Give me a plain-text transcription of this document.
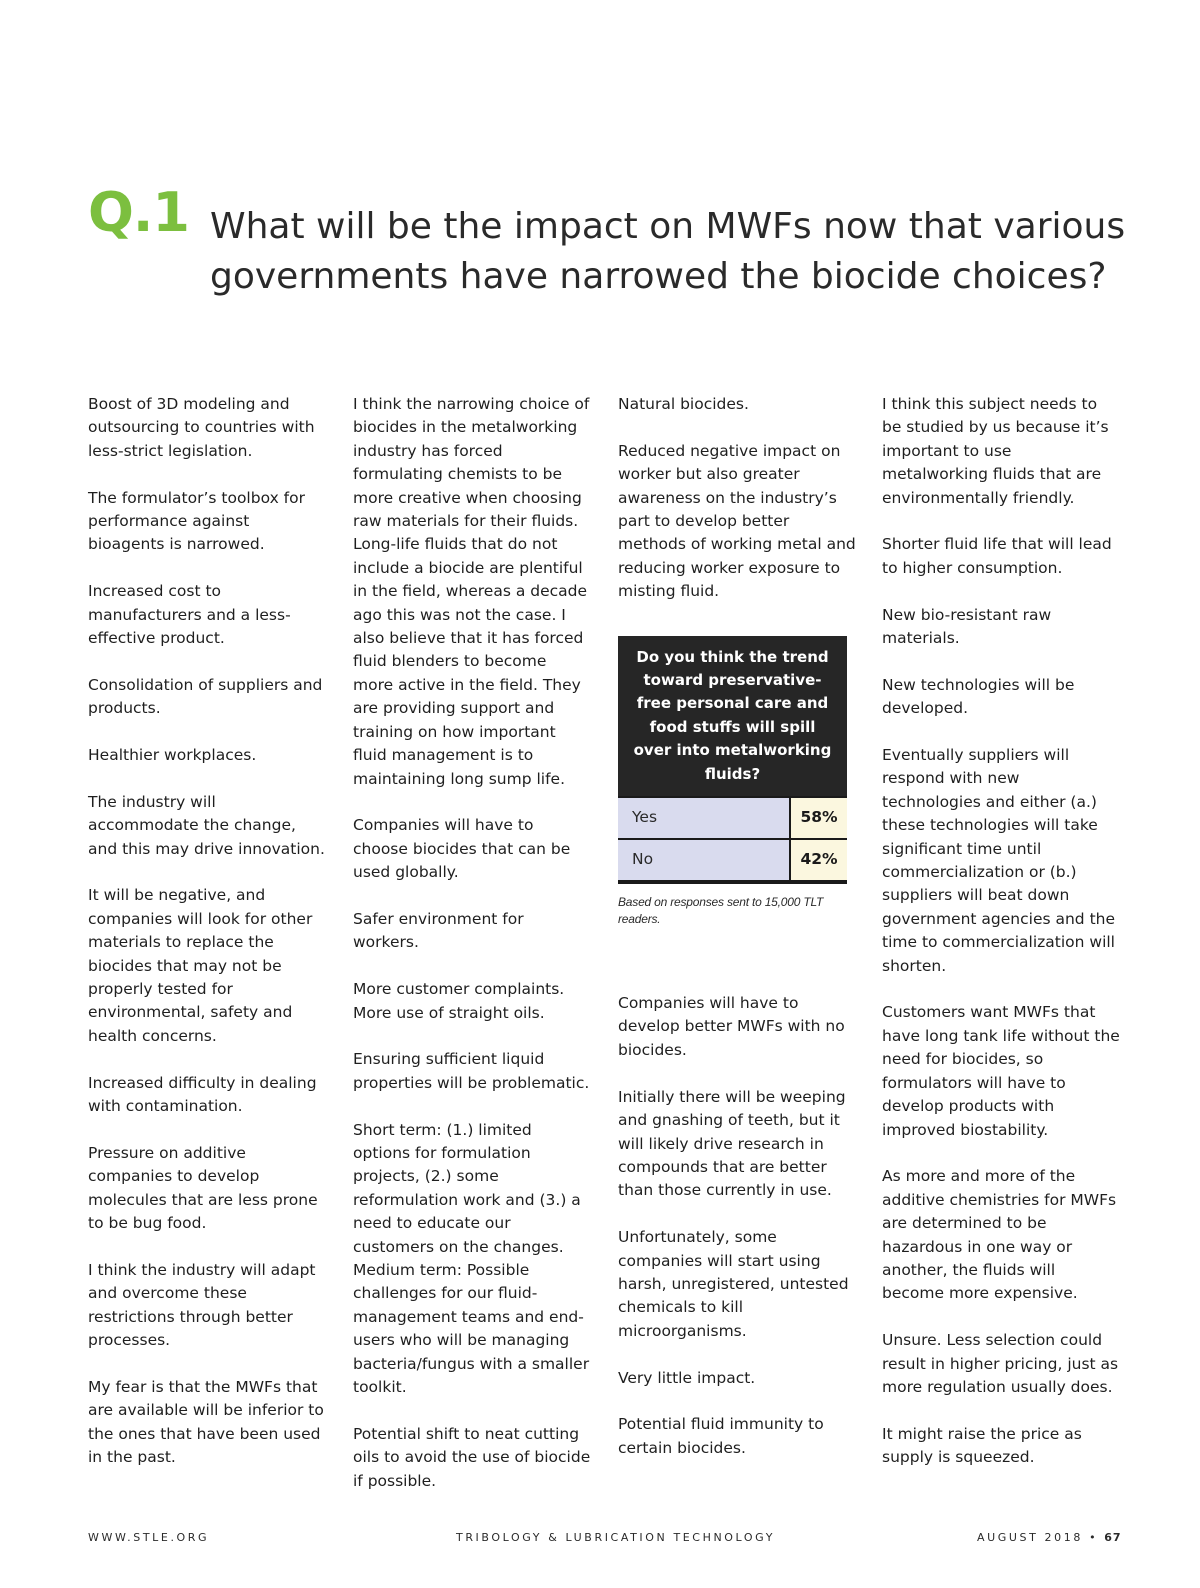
Q.1 What will be the impact on MWFs now that various
governments have narrowed the biocide choices?

Boost of 3D modeling and outsourcing to countries with less-strict legislation.

The formulator’s toolbox for performance against bioagents is narrowed.

Increased cost to manufacturers and a less-effective product.

Consolidation of suppliers and products.

Healthier workplaces.

The industry will accommodate the change, and this may drive innovation.

It will be negative, and companies will look for other materials to replace the biocides that may not be properly tested for environmental, safety and health concerns.

Increased difficulty in dealing with contamination.

Pressure on additive companies to develop molecules that are less prone to be bug food.

I think the industry will adapt and overcome these restrictions through better processes.

My fear is that the MWFs that are available will be inferior to the ones that have been used in the past.

I think the narrowing choice of biocides in the metalworking industry has forced formulating chemists to be more creative when choosing raw materials for their fluids. Long-life fluids that do not include a biocide are plentiful in the field, whereas a decade ago this was not the case. I also believe that it has forced fluid blenders to become more active in the field. They are providing support and training on how important fluid management is to maintaining long sump life.

Companies will have to choose biocides that can be used globally.

Safer environment for workers.

More customer complaints. More use of straight oils.

Ensuring sufficient liquid properties will be problematic.

Short term: (1.) limited options for formulation projects, (2.) some reformulation work and (3.) a need to educate our customers on the changes. Medium term: Possible challenges for our fluid-management teams and end-users who will be managing bacteria/fungus with a smaller toolkit.

Potential shift to neat cutting oils to avoid the use of biocide if possible.

Natural biocides.

Reduced negative impact on worker but also greater awareness on the industry’s part to develop better methods of working metal and reducing worker exposure to misting fluid.

Do you think the trend toward preservative-free personal care and food stuffs will spill over into metalworking fluids?
Yes	58%
No	42%
Based on responses sent to 15,000 TLT readers.

Companies will have to develop better MWFs with no biocides.

Initially there will be weeping and gnashing of teeth, but it will likely drive research in compounds that are better than those currently in use.

Unfortunately, some companies will start using harsh, unregistered, untested chemicals to kill microorganisms.

Very little impact.

Potential fluid immunity to certain biocides.

I think this subject needs to be studied by us because it’s important to use metalworking fluids that are environmentally friendly.

Shorter fluid life that will lead to higher consumption.

New bio-resistant raw materials.

New technologies will be developed.

Eventually suppliers will respond with new technologies and either (a.) these technologies will take significant time until commercialization or (b.) suppliers will beat down government agencies and the time to commercialization will shorten.

Customers want MWFs that have long tank life without the need for biocides, so formulators will have to develop products with improved biostability.

As more and more of the additive chemistries for MWFs are determined to be hazardous in one way or another, the fluids will become more expensive.

Unsure. Less selection could result in higher pricing, just as more regulation usually does.

It might raise the price as supply is squeezed.

WWW.STLE.ORG	TRIBOLOGY & LUBRICATION TECHNOLOGY	AUGUST 2018 • 67
